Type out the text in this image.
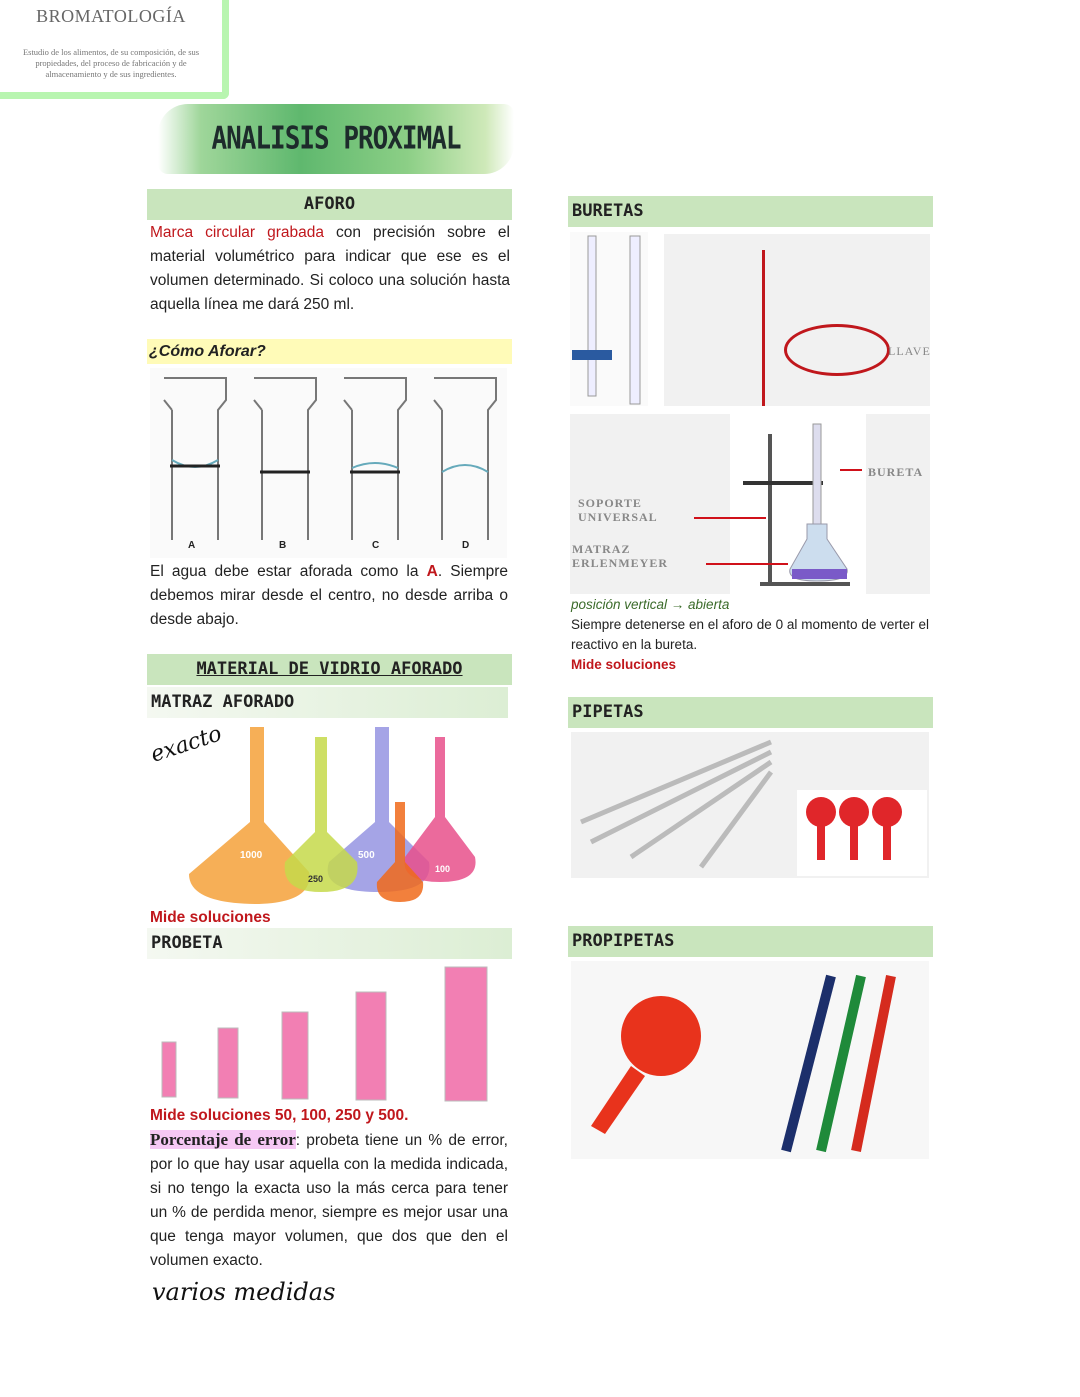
BROMATOLOGÍA
Estudio de los alimentos, de su composición, de sus propiedades, del proceso de fabricación y de almacenamiento y de sus ingredientes.
ANALISIS PROXIMAL
AFORO
Marca circular grabada con precisión sobre el material volumétrico para indicar que ese es el volumen determinado. Si coloco una solución hasta aquella línea me dará 250 ml.
¿Cómo Aforar?
A	B	C	D
El agua debe estar aforada como la A. Siempre debemos mirar desde el centro, no desde arriba o desde abajo.
MATERIAL DE VIDRIO AFORADO
MATRAZ AFORADO
1000	500
250
100
exacto
Mide soluciones
PROBETA
Mide soluciones 50, 100, 250 y 500.
Porcentaje de error: probeta tiene un % de error, por lo que hay usar aquella con la medida indicada, si no tengo la exacta uso la más cerca para tener un % de perdida menor, siempre es mejor usar una que tenga mayor volumen, que dos que den el volumen exacto.
varios medidas
BURETAS
LLAVE
BURETA
SOPORTE UNIVERSAL
MATRAZ ERLENMEYER
posición vertical → abierta
Siempre detenerse en el aforo de 0 al momento de verter el reactivo en la bureta.
Mide soluciones
PIPETAS
PROPIPETAS
